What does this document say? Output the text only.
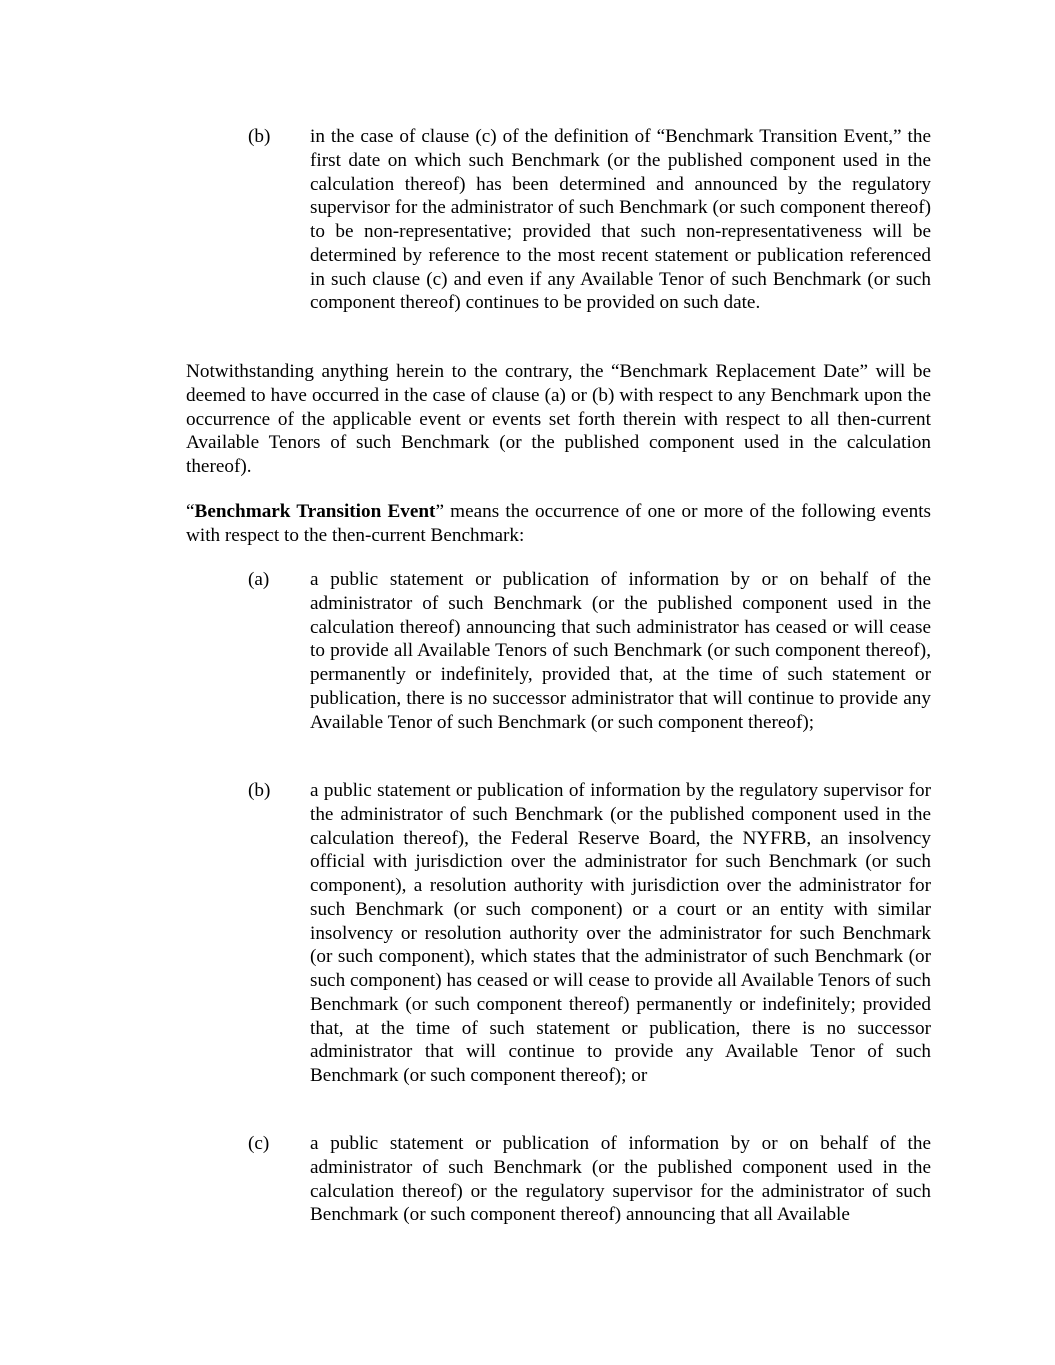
(b)	in the case of clause (c) of the definition of “Benchmark Transition Event,” the first date on which such Benchmark (or the published component used in the calculation thereof) has been determined and announced by the regulatory supervisor for the administrator of such Benchmark (or such component thereof) to be non-representative; provided that such non-representativeness will be determined by reference to the most recent statement or publication referenced in such clause (c) and even if any Available Tenor of such Benchmark (or such component thereof) continues to be provided on such date.

Notwithstanding anything herein to the contrary, the “Benchmark Replacement Date” will be deemed to have occurred in the case of clause (a) or (b) with respect to any Benchmark upon the occurrence of the applicable event or events set forth therein with respect to all then-current Available Tenors of such Benchmark (or the published component used in the calculation thereof).

“Benchmark Transition Event” means the occurrence of one or more of the following events with respect to the then-current Benchmark:

(a)	a public statement or publication of information by or on behalf of the administrator of such Benchmark (or the published component used in the calculation thereof) announcing that such administrator has ceased or will cease to provide all Available Tenors of such Benchmark (or such component thereof), permanently or indefinitely, provided that, at the time of such statement or publication, there is no successor administrator that will continue to provide any Available Tenor of such Benchmark (or such component thereof);
(b)	a public statement or publication of information by the regulatory supervisor for the administrator of such Benchmark (or the published component used in the calculation thereof), the Federal Reserve Board, the NYFRB, an insolvency official with jurisdiction over the administrator for such Benchmark (or such component), a resolution authority with jurisdiction over the administrator for such Benchmark (or such component) or a court or an entity with similar insolvency or resolution authority over the administrator for such Benchmark (or such component), which states that the administrator of such Benchmark (or such component) has ceased or will cease to provide all Available Tenors of such Benchmark (or such component thereof) permanently or indefinitely; provided that, at the time of such statement or publication, there is no successor administrator that will continue to provide any Available Tenor of such Benchmark (or such component thereof); or
(c)	a public statement or publication of information by or on behalf of the administrator of such Benchmark (or the published component used in the calculation thereof) or the regulatory supervisor for the administrator of such Benchmark (or such component thereof) announcing that all Available
